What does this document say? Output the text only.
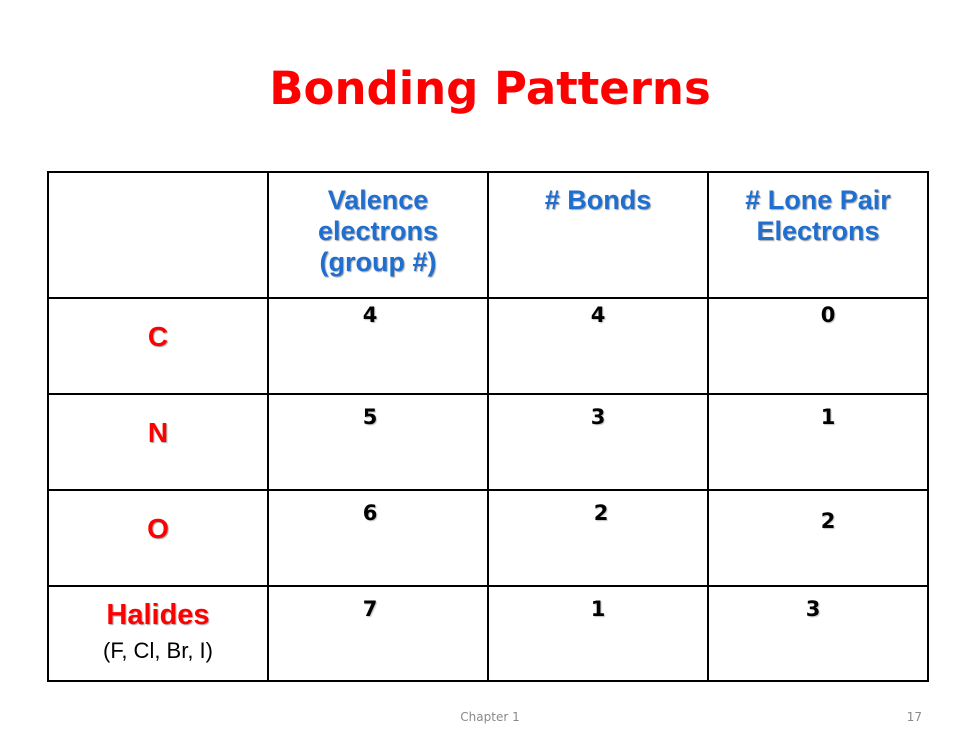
Bonding Patterns

	Valence
electrons
(group #)	# Bonds	# Lone Pair
Electrons

C	4	4	0

N	5	3	1

O	6	2	2

Halides
(F, Cl, Br, I)	7	1	3
Chapter 1	17
